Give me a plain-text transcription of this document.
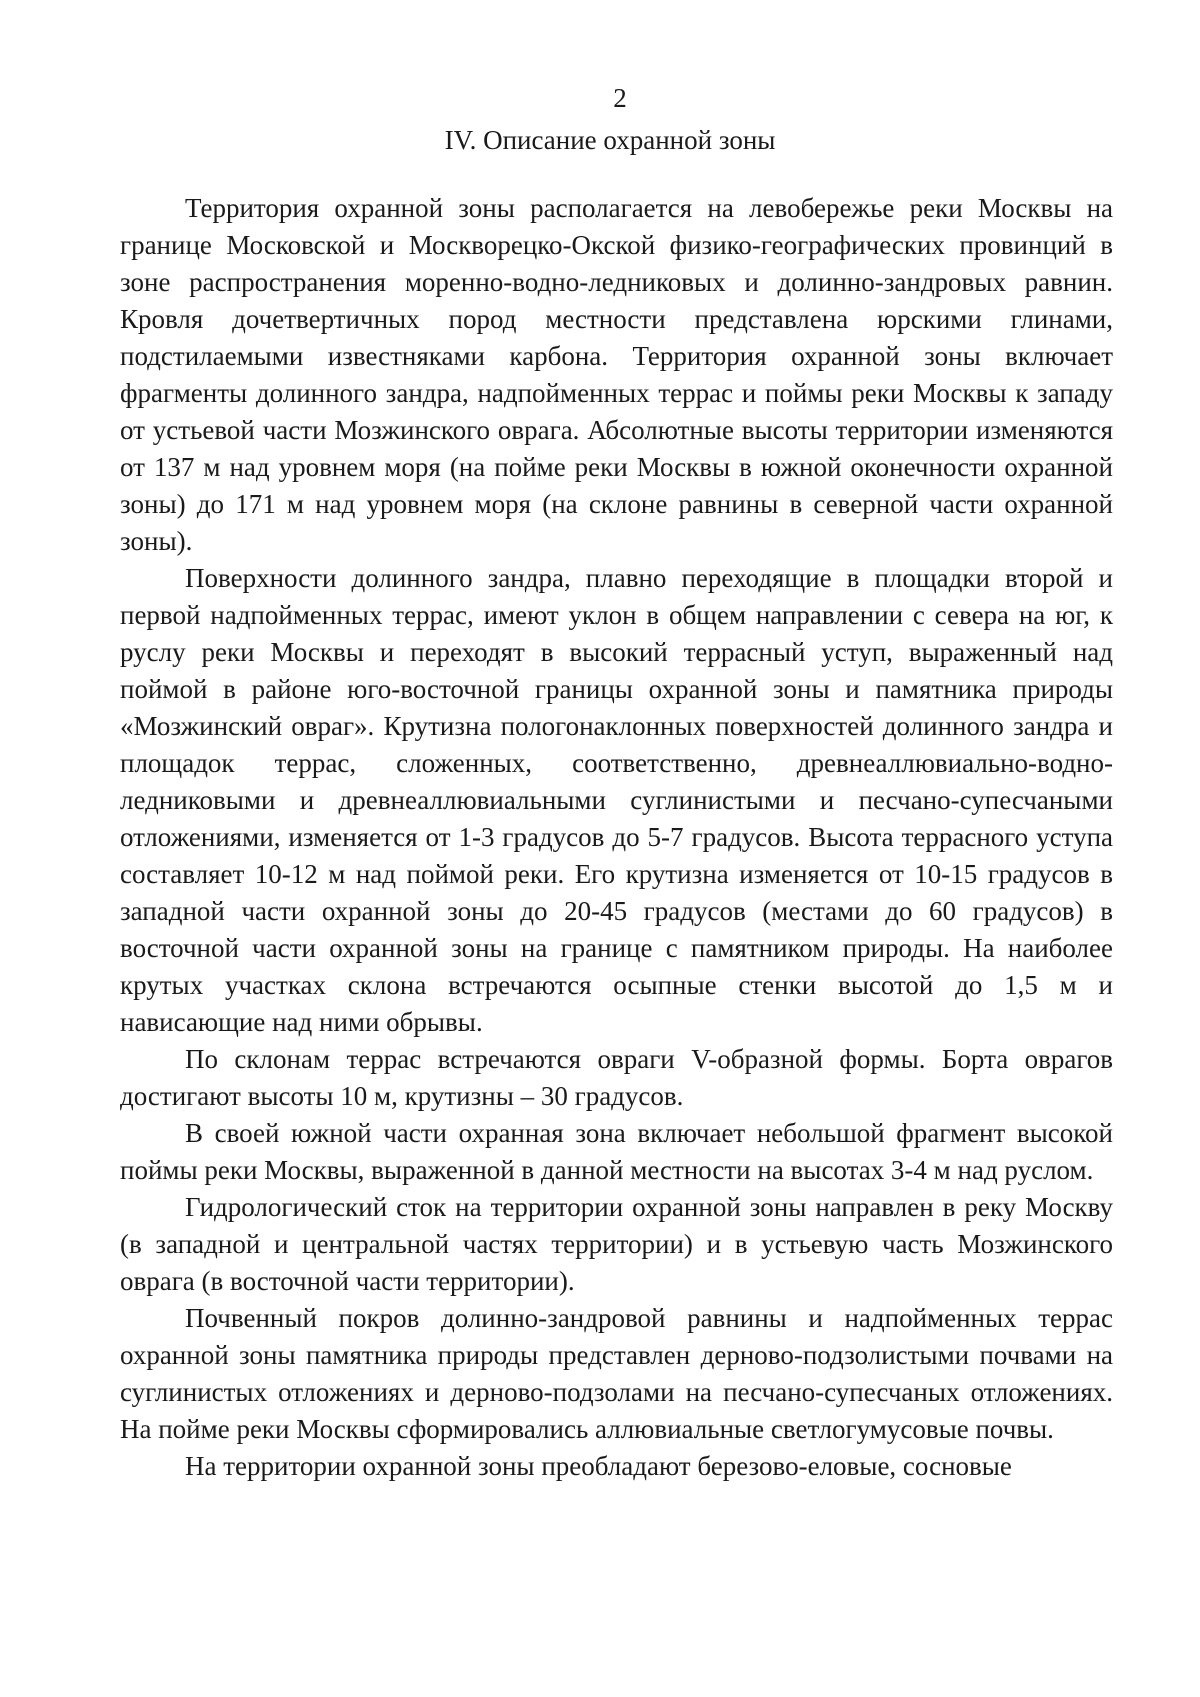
2
IV. Описание охранной зоны

Территория охранной зоны располагается на левобережье реки Москвы на границе Московской и Москворецко-Окской физико-географических провинций в зоне распространения моренно-водно-ледниковых и долинно-зандровых равнин. Кровля дочетвертичных пород местности представлена юрскими глинами, подстилаемыми известняками карбона. Территория охранной зоны включает фрагменты долинного зандра, надпойменных террас и поймы реки Москвы к западу от устьевой части Мозжинского оврага. Абсолютные высоты территории изменяются от 137 м над уровнем моря (на пойме реки Москвы в южной оконечности охранной зоны) до 171 м над уровнем моря (на склоне равнины в северной части охранной зоны).

Поверхности долинного зандра, плавно переходящие в площадки второй и первой надпойменных террас, имеют уклон в общем направлении с севера на юг, к руслу реки Москвы и переходят в высокий террасный уступ, выраженный над поймой в районе юго-восточной границы охранной зоны и памятника природы «Мозжинский овраг». Крутизна пологонаклонных поверхностей долинного зандра и площадок террас, сложенных, соответственно, древнеаллювиально-водно-ледниковыми и древнеаллювиальными суглинистыми и песчано-супесчаными отложениями, изменяется от 1-3 градусов до 5-7 градусов. Высота террасного уступа составляет 10-12 м над поймой реки. Его крутизна изменяется от 10-15 градусов в западной части охранной зоны до 20-45 градусов (местами до 60 градусов) в восточной части охранной зоны на границе с памятником природы. На наиболее крутых участках склона встречаются осыпные стенки высотой до 1,5 м и нависающие над ними обрывы.

По склонам террас встречаются овраги V-образной формы. Борта оврагов достигают высоты 10 м, крутизны – 30 градусов.

В своей южной части охранная зона включает небольшой фрагмент высокой поймы реки Москвы, выраженной в данной местности на высотах 3-4 м над руслом.

Гидрологический сток на территории охранной зоны направлен в реку Москву (в западной и центральной частях территории) и в устьевую часть Мозжинского оврага (в восточной части территории).

Почвенный покров долинно-зандровой равнины и надпойменных террас охранной зоны памятника природы представлен дерново-подзолистыми почвами на суглинистых отложениях и дерново-подзолами на песчано-супесчаных отложениях. На пойме реки Москвы сформировались аллювиальные светлогумусовые почвы.

На территории охранной зоны преобладают березово-еловые, сосновые
